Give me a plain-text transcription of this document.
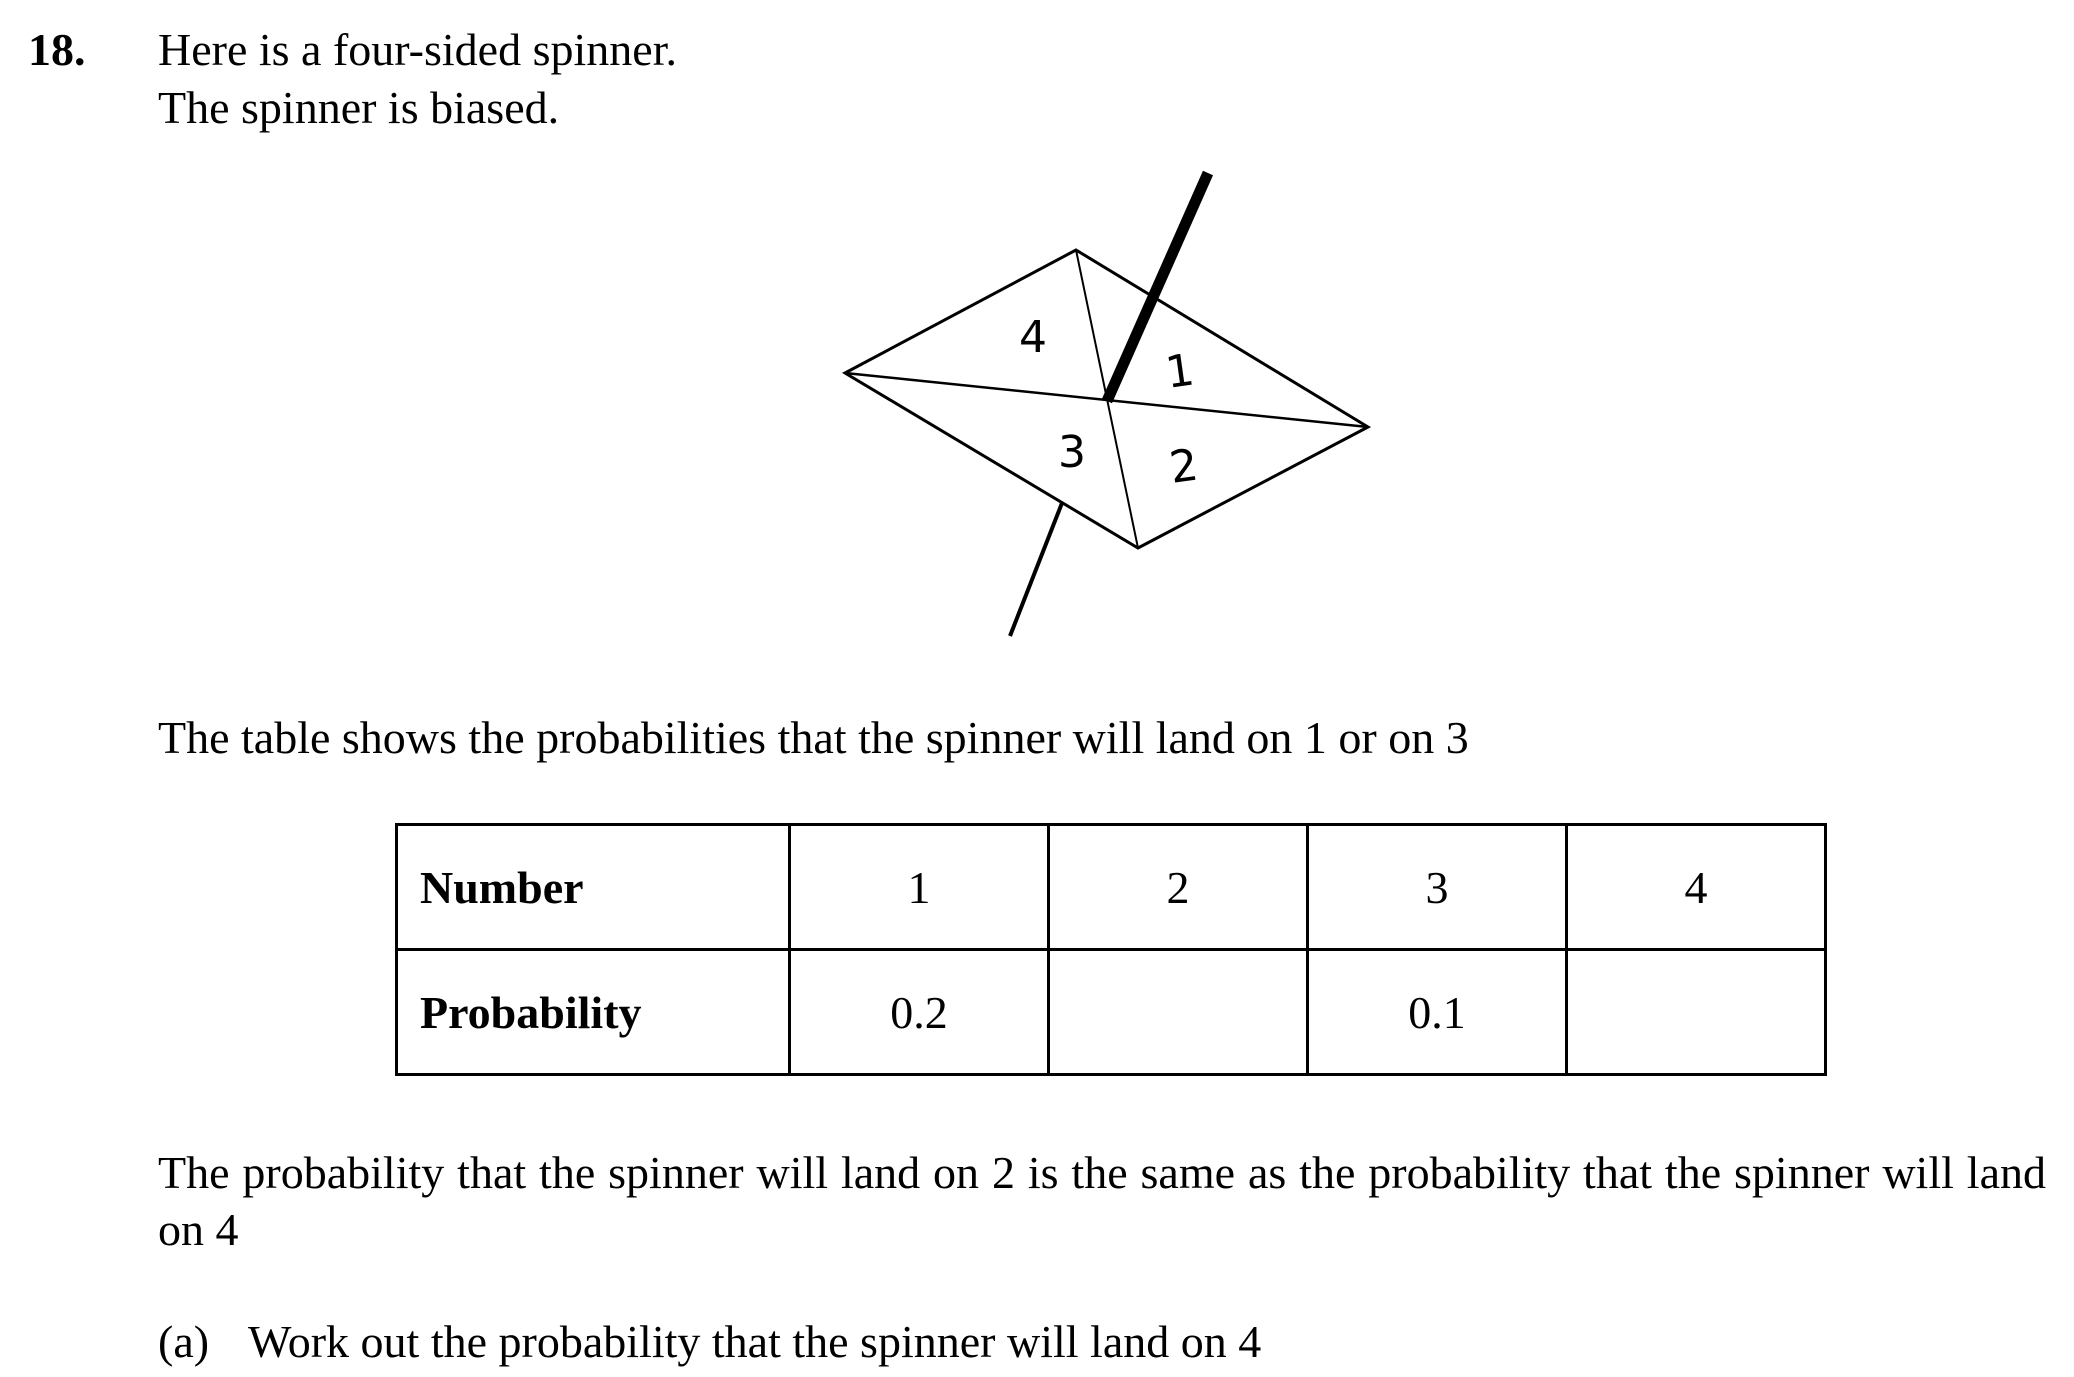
18. Here is a four-sided spinner.
The spinner is biased.
4
1
3 2
The table shows the probabilities that the spinner will land on 1 or on 3
Number	1	2	3	4
Probability	0.2		0.1	
The probability that the spinner will land on 2 is the same as the probability that the spinner will land on 4
(a) Work out the probability that the spinner will land on 4
